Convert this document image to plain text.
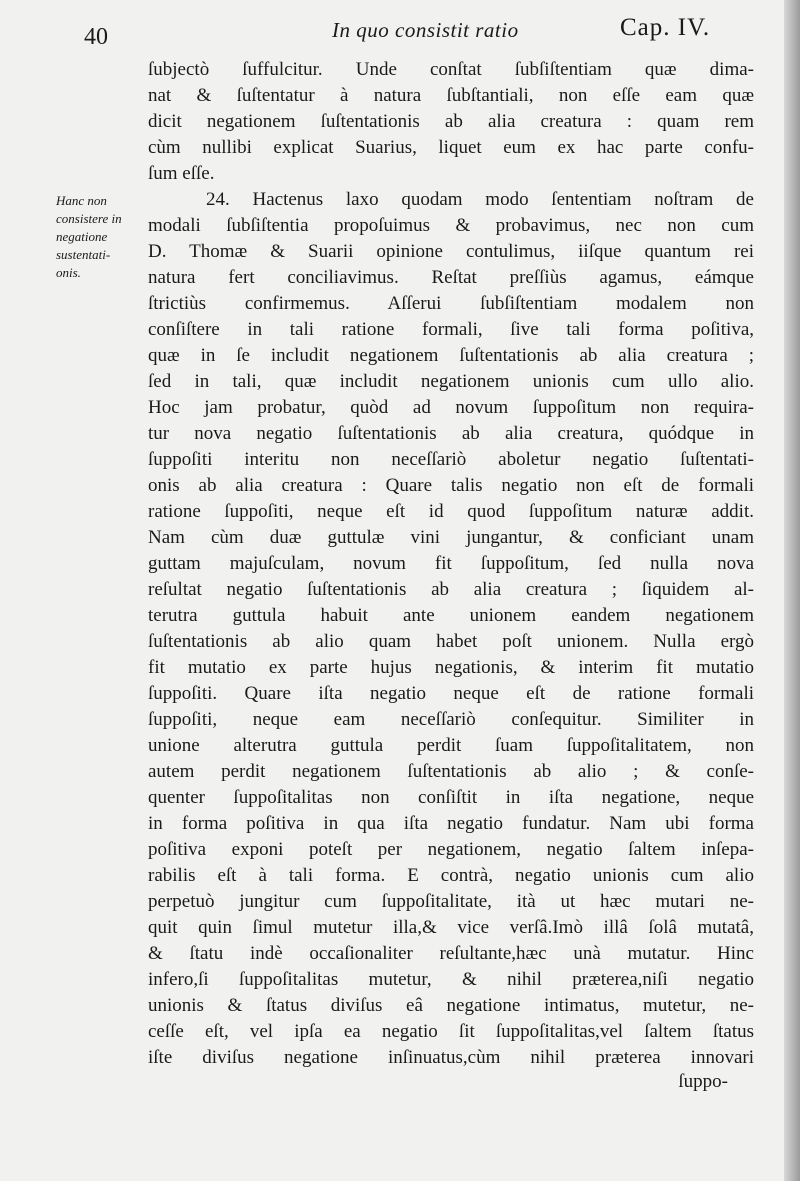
40	In quo consistit ratio	Cap. IV.
Hanc non
consistere in
negatione
sustentati-
onis.
ſubjectò ſuffulcitur. Unde conſtat ſubſiſtentiam quæ dima-
nat & ſuſtentatur à natura ſubſtantiali, non eſſe eam quæ
dicit negationem ſuſtentationis ab alia creatura : quam rem
cùm nullibi explicat Suarius, liquet eum ex hac parte confu-
ſum eſſe.
24. Hactenus laxo quodam modo ſententiam noſtram de
modali ſubſiſtentia propoſuimus & probavimus, nec non cum
D. Thomæ & Suarii opinione contulimus, iiſque quantum rei
natura fert conciliavimus. Reſtat preſſiùs agamus, eámque
ſtrictiùs confirmemus. Aſſerui ſubſiſtentiam modalem non
conſiſtere in tali ratione formali, ſive tali forma poſitiva,
quæ in ſe includit negationem ſuſtentationis ab alia creatura ;
ſed in tali, quæ includit negationem unionis cum ullo alio.
Hoc jam probatur, quòd ad novum ſuppoſitum non requira-
tur nova negatio ſuſtentationis ab alia creatura, quódque in
ſuppoſiti interitu non neceſſariò aboletur negatio ſuſtentati-
onis ab alia creatura : Quare talis negatio non eſt de formali
ratione ſuppoſiti, neque eſt id quod ſuppoſitum naturæ addit.
Nam cùm duæ guttulæ vini jungantur, & conficiant unam
guttam majuſculam, novum fit ſuppoſitum, ſed nulla nova
reſultat negatio ſuſtentationis ab alia creatura ; ſiquidem al-
terutra guttula habuit ante unionem eandem negationem
ſuſtentationis ab alio quam habet poſt unionem. Nulla ergò
fit mutatio ex parte hujus negationis, & interim fit mutatio
ſuppoſiti. Quare iſta negatio neque eſt de ratione formali
ſuppoſiti, neque eam neceſſariò conſequitur. Similiter in
unione alterutra guttula perdit ſuam ſuppoſitalitatem, non
autem perdit negationem ſuſtentationis ab alio ; & conſe-
quenter ſuppoſitalitas non conſiſtit in iſta negatione, neque
in forma poſitiva in qua iſta negatio fundatur. Nam ubi forma
poſitiva exponi poteſt per negationem, negatio ſaltem inſepa-
rabilis eſt à tali forma. E contrà, negatio unionis cum alio
perpetuò jungitur cum ſuppoſitalitate, ità ut hæc mutari ne-
quit quin ſimul mutetur illa,& vice verſâ.Imò illâ ſolâ mutatâ,
& ſtatu indè occaſionaliter reſultante,hæc unà mutatur. Hinc
infero,ſi ſuppoſitalitas mutetur, & nihil præterea,niſi negatio
unionis & ſtatus diviſus eâ negatione intimatus, mutetur, ne-
ceſſe eſt, vel ipſa ea negatio ſit ſuppoſitalitas,vel ſaltem ſtatus
iſte diviſus negatione inſinuatus,cùm nihil præterea innovari
ſuppo-
